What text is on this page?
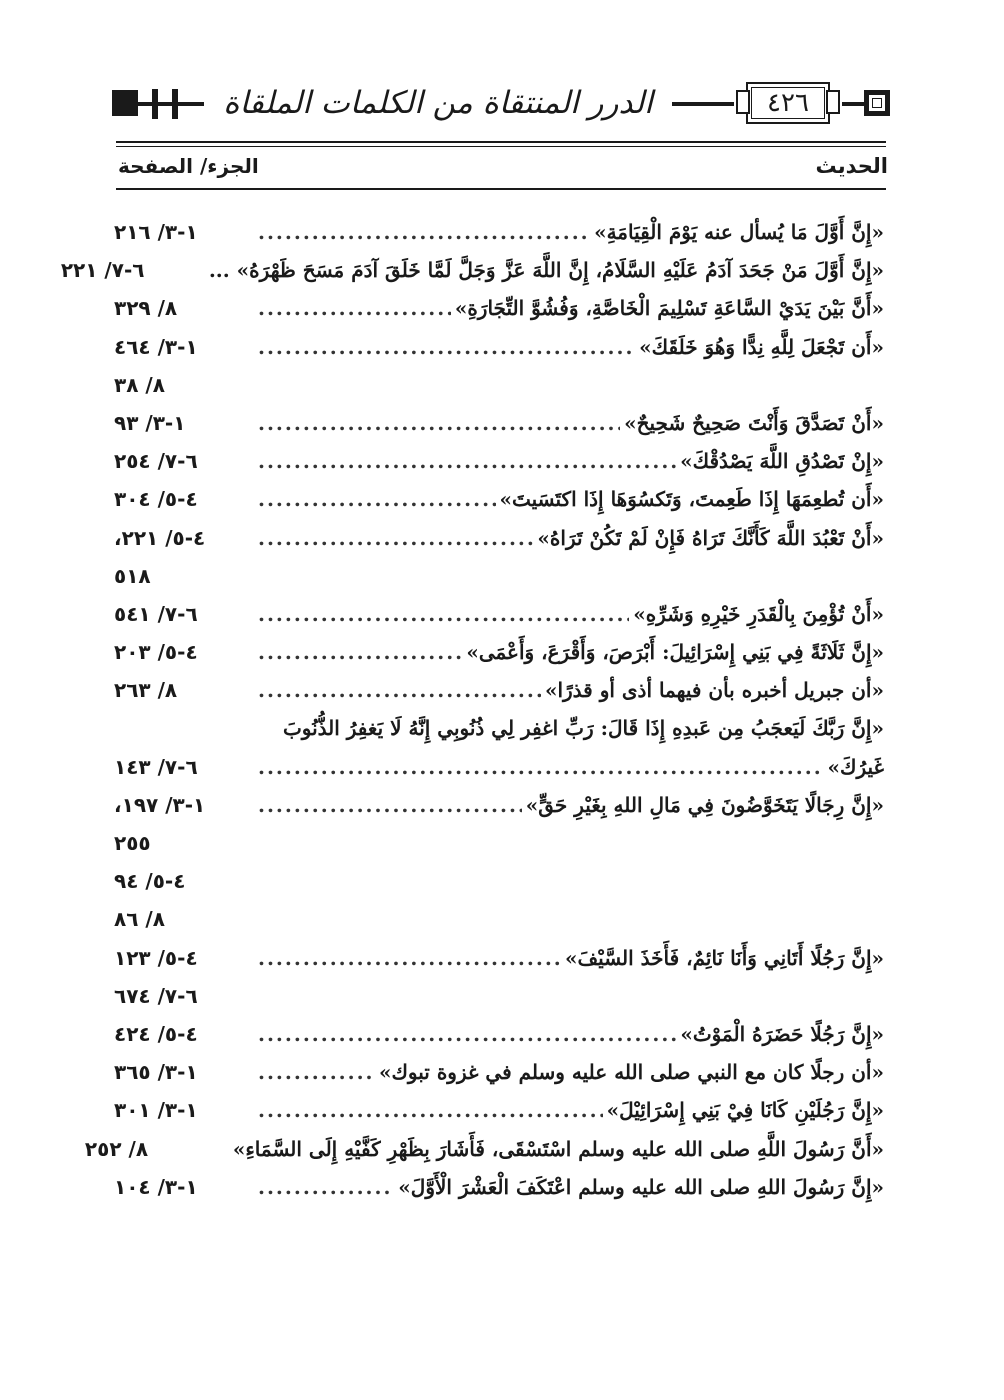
الدرر المنتقاة من الكلمات الملقاة	٤٢٦
الحديث
الجزء/ الصفحة
«إِنَّ أَوَّلَ مَا يُسأل عنه يَوْمَ الْقِيَامَةِ»
.....
١-٣/ ٢١٦
«إِنَّ أَوَّلَ مَنْ جَحَدَ آدَمُ عَلَيْهِ السَّلَامُ، إِنَّ اللَّهَ عَزَّ وَجَلَّ لَمَّا خَلَقَ آدَمَ مَسَحَ ظَهْرَهُ» ...
٦-٧/ ٢٢١
«أَنَّ بَيْنَ يَدَيْ السَّاعَةِ تَسْلِيمَ الْخَاصَّةِ، وَفُشُوَّ التِّجَارَةِ»
.....
٨/ ٣٢٩
«أَن تَجْعَلَ لِلَّهِ نِدًّا وَهُوَ خَلَقَكَ»
.....
١-٣/ ٤٦٤
٨/ ٣٨
«أَنْ تَصَدَّقَ وَأَنْتَ صَحِيحٌ شَحِيحٌ»
.....
١-٣/ ٩٣
«إِنْ تَصْدُقِ اللَّهَ يَصْدُقْكَ»
.....
٦-٧/ ٢٥٤
«أَن تُطعِمَهَا إِذَا طَعِمتَ، وَتَكسُوَهَا إِذَا اكتَسَيتَ»
.....
٤-٥/ ٣٠٤
«أَنْ تَعْبُدَ اللَّهَ كَأَنَّكَ تَرَاهُ فَإِنْ لَمْ تَكُنْ تَرَاهُ»
.....
٤-٥/ ٢٢١،
٥١٨
«أَنْ تُؤْمِنَ بِالْقَدَرِ خَيْرِهِ وَشَرِّهِ»
.....
٦-٧/ ٥٤١
«إِنَّ ثَلَاثَةً فِي بَنِي إِسْرَائِيلَ: أَبْرَصَ، وَأَقْرَعَ، وَأَعْمَى»
.....
٤-٥/ ٢٠٣
«أن جبريل أخبره بأن فيهما أذى أو قذرًا»
.....
٨/ ٢٦٣
«إِنَّ رَبَّكَ لَيَعجَبُ مِن عَبدِهِ إِذَا قَالَ: رَبِّ اغفِر لِي ذُنُوبِي إِنَّهُ لَا يَغفِرُ الذُّنُوبَ
غَيرُكَ»
.....
٦-٧/ ١٤٣
«إِنَّ رِجَالًا يَتَخَوَّضُونَ فِي مَالِ اللهِ بِغَيْرِ حَقٍّ»
.....
١-٣/ ١٩٧،
٢٥٥
٤-٥/ ٩٤
٨/ ٨٦
«إِنَّ رَجُلًا أَتَانِي وَأَنَا نَائِمٌ، فَأَخَذَ السَّيْفَ»
.....
٤-٥/ ١٢٣
٦-٧/ ٦٧٤
«إِنَّ رَجُلًا حَضَرَهُ الْمَوْتُ»
.....
٤-٥/ ٤٢٤
«أن رجلًا كان مع النبي صلى الله عليه وسلم في غزوة تبوك»
.....
١-٣/ ٣٦٥
«إِنَّ رَجُلَيْنِ كَانَا فِيْ بَنِي إِسْرَائِيْلَ»
.....
١-٣/ ٣٠١
«أَنَّ رَسُولَ اللَّهِ صلى الله عليه وسلم اسْتَسْقَى، فَأَشَارَ بِظَهْرِ كَفَّيْهِ إِلَى السَّمَاءِ»
٨/ ٢٥٢
«إِنَّ رَسُولَ اللهِ صلى الله عليه وسلم اعْتَكَفَ الْعَشْرَ الْأَوَّلَ»
.....
١-٣/ ١٠٤
